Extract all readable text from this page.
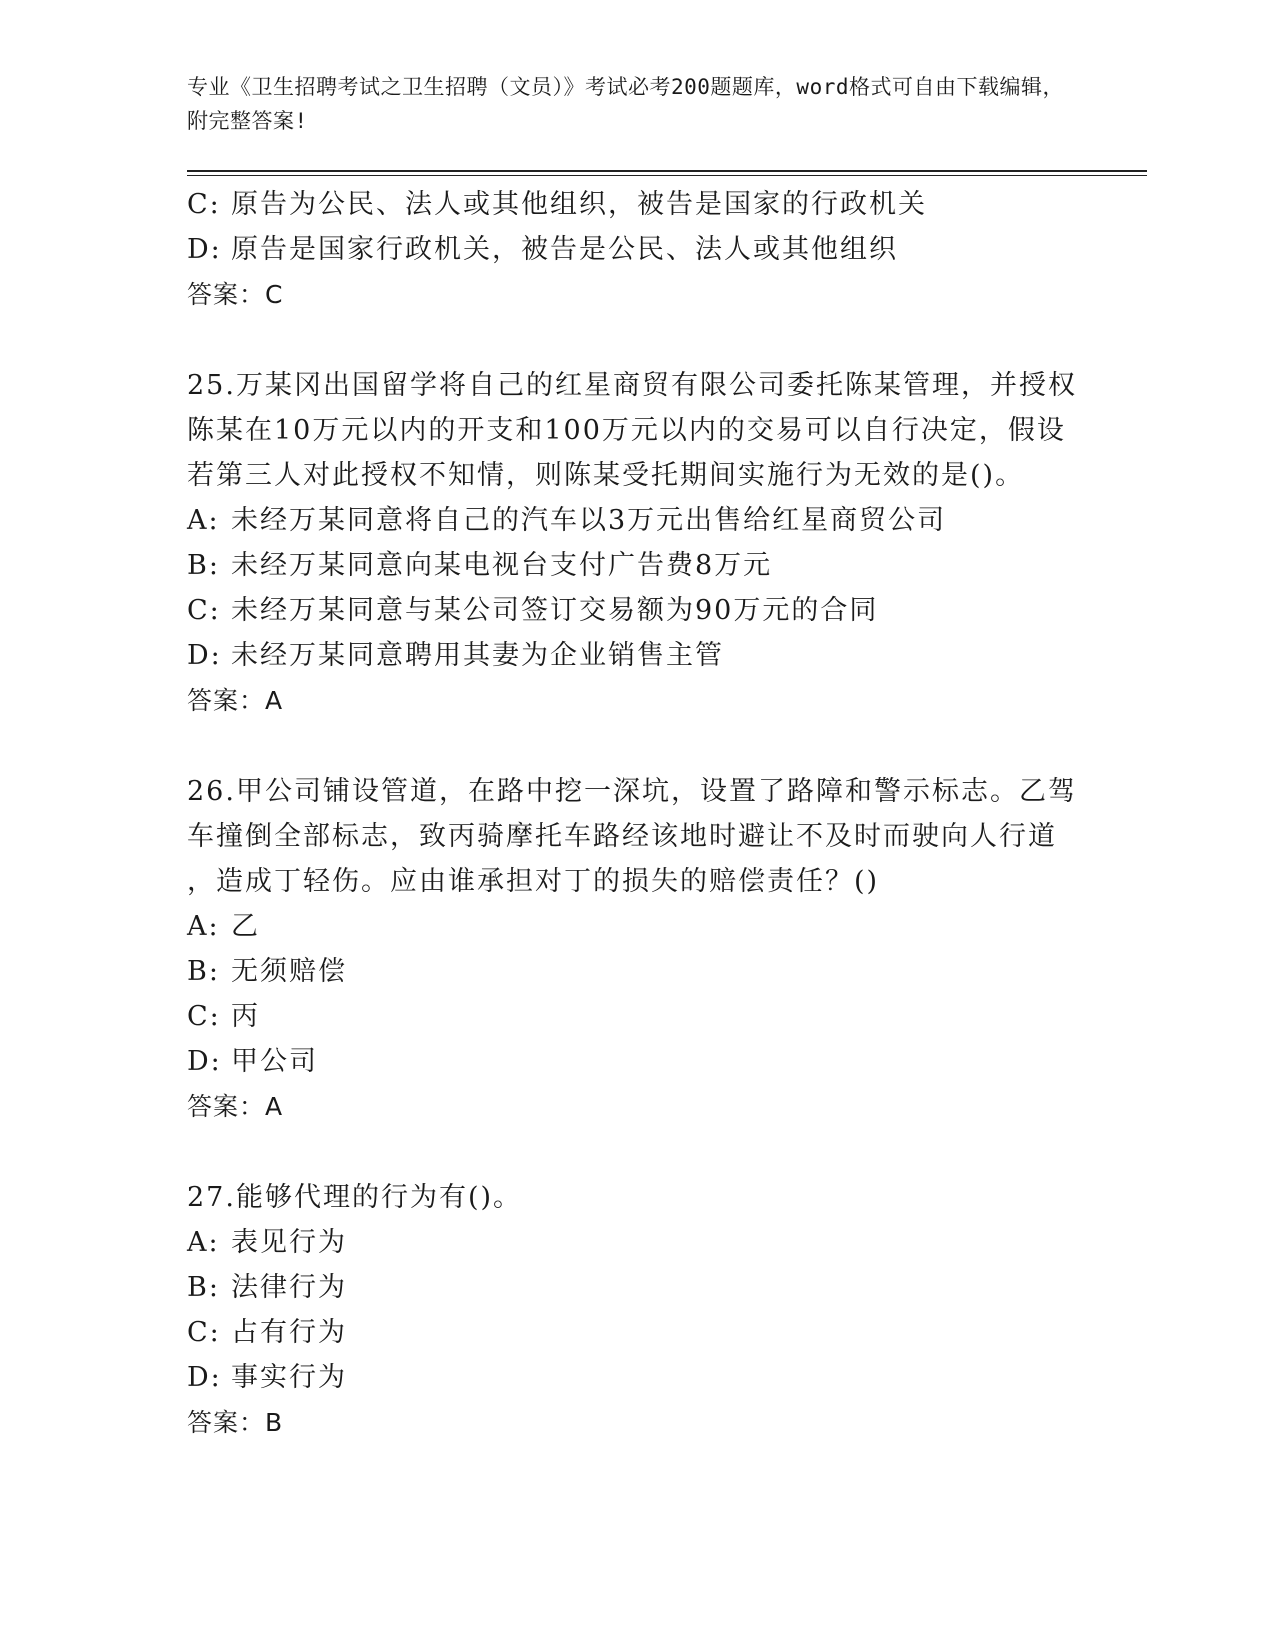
专业《卫生招聘考试之卫生招聘（文员）》考试必考200题题库，word格式可自由下载编辑，附完整答案!
C: 原告为公民、法人或其他组织，被告是国家的行政机关
D: 原告是国家行政机关，被告是公民、法人或其他组织
答案：C
25.万某冈出国留学将自己的红星商贸有限公司委托陈某管理，并授权
陈某在10万元以内的开支和100万元以内的交易可以自行决定，假设
若第三人对此授权不知情，则陈某受托期间实施行为无效的是()。
A: 未经万某同意将自己的汽车以3万元出售给红星商贸公司
B: 未经万某同意向某电视台支付广告费8万元
C: 未经万某同意与某公司签订交易额为90万元的合同
D: 未经万某同意聘用其妻为企业销售主管
答案：A
26.甲公司铺设管道，在路中挖一深坑，设置了路障和警示标志。乙驾
车撞倒全部标志，致丙骑摩托车路经该地时避让不及时而驶向人行道
，造成丁轻伤。应由谁承担对丁的损失的赔偿责任？()
A: 乙
B: 无须赔偿
C: 丙
D: 甲公司
答案：A
27.能够代理的行为有()。
A: 表见行为
B: 法律行为
C: 占有行为
D: 事实行为
答案：B
